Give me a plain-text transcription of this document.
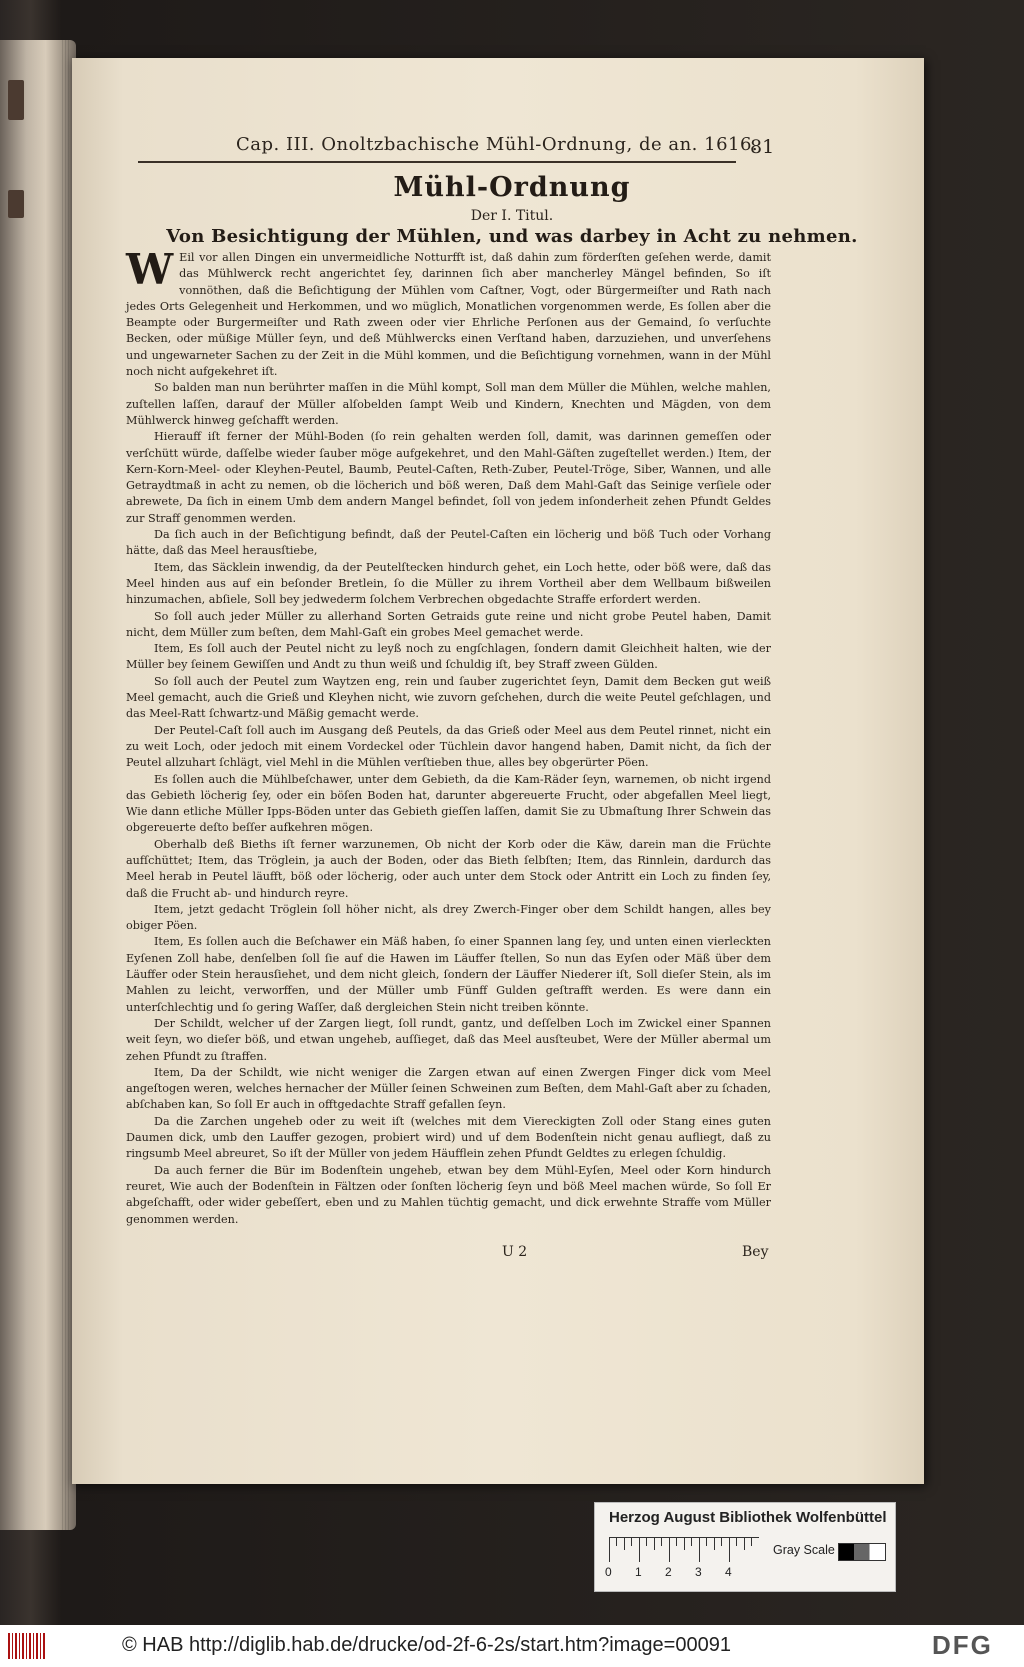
Cap. III. Onoltzbachische Mühl-Ordnung, de an. 1616.
81
Mühl-Ordnung
Der I. Titul.
Von Besichtigung der Mühlen, und was darbey in Acht zu nehmen.

W Eil vor allen Dingen ein unvermeidliche Notturfft ist, daß dahin zum förderſten geſehen werde, damit das Mühlwerck recht angerichtet ſey, darinnen ſich aber mancherley Mängel befinden, So iſt vonnöthen, daß die Beſichtigung der Mühlen vom Caſtner, Vogt, oder Bürgermeiſter und Rath nach jedes Orts Gelegenheit und Herkommen, und wo müglich, Monatlichen vorgenommen werde, Es ſollen aber die Beampte oder Burgermeiſter und Rath zween oder vier Ehrliche Perſonen aus der Gemaind, ſo verſuchte Becken, oder müßige Müller ſeyn, und deß Mühlwercks einen Verſtand haben, darzuziehen, und unverſehens und ungewarneter Sachen zu der Zeit in die Mühl kommen, und die Beſichtigung vornehmen, wann in der Mühl noch nicht aufgekehret iſt.

So balden man nun berührter maſſen in die Mühl kompt, Soll man dem Müller die Mühlen, welche mahlen, zuſtellen laſſen, darauf der Müller alſobelden ſampt Weib und Kindern, Knechten und Mägden, von dem Mühlwerck hinweg geſchafft werden.

Hierauff iſt ferner der Mühl-Boden (ſo rein gehalten werden ſoll, damit, was darinnen gemeſſen oder verſchütt würde, daſſelbe wieder ſauber möge aufgekehret, und den Mahl-Gäſten zugeſtellet werden.) Item, der Kern-Korn-Meel- oder Kleyhen-Peutel, Baumb, Peutel-Caſten, Reth-Zuber, Peutel-Tröge, Siber, Wannen, und alle Getraydtmaß in acht zu nemen, ob die löcherich und böß weren, Daß dem Mahl-Gaſt das Seinige verſiele oder abrewete, Da ſich in einem Umb dem andern Mangel befindet, ſoll von jedem inſonderheit zehen Pfundt Geldes zur Straff genommen werden.

Da ſich auch in der Beſichtigung befindt, daß der Peutel-Caſten ein löcherig und böß Tuch oder Vorhang hätte, daß das Meel herausſtiebe,

Item, das Säcklein inwendig, da der Peutelſtecken hindurch gehet, ein Loch hette, oder böß were, daß das Meel hinden aus auf ein beſonder Bretlein, ſo die Müller zu ihrem Vortheil aber dem Wellbaum bißweilen hinzumachen, abſiele, Soll bey jedwederm ſolchem Verbrechen obgedachte Straffe erfordert werden.

So ſoll auch jeder Müller zu allerhand Sorten Getraids gute reine und nicht grobe Peutel haben, Damit nicht, dem Müller zum beſten, dem Mahl-Gaſt ein grobes Meel gemachet werde.

Item, Es ſoll auch der Peutel nicht zu leyß noch zu engſchlagen, ſondern damit Gleichheit halten, wie der Müller bey ſeinem Gewiſſen und Andt zu thun weiß und ſchuldig iſt, bey Straff zween Gülden.

So ſoll auch der Peutel zum Waytzen eng, rein und ſauber zugerichtet ſeyn, Damit dem Becken gut weiß Meel gemacht, auch die Grieß und Kleyhen nicht, wie zuvorn geſchehen, durch die weite Peutel geſchlagen, und das Meel-Ratt ſchwartz-und Mäßig gemacht werde.

Der Peutel-Caſt ſoll auch im Ausgang deß Peutels, da das Grieß oder Meel aus dem Peutel rinnet, nicht ein zu weit Loch, oder jedoch mit einem Vordeckel oder Tüchlein davor hangend haben, Damit nicht, da ſich der Peutel allzuhart ſchlägt, viel Mehl in die Mühlen verſtieben thue, alles bey obgerürter Pöen.

Es ſollen auch die Mühlbeſchawer, unter dem Gebieth, da die Kam-Räder ſeyn, warnemen, ob nicht irgend das Gebieth löcherig ſey, oder ein böſen Boden hat, darunter abgereuerte Frucht, oder abgefallen Meel liegt, Wie dann etliche Müller Ipps-Böden unter das Gebieth gieſſen laſſen, damit Sie zu Ubmaſtung Ihrer Schwein das obgereuerte deſto beſſer aufkehren mögen.

Oberhalb deß Bieths iſt ferner warzunemen, Ob nicht der Korb oder die Käw, darein man die Früchte aufſchüttet; Item, das Tröglein, ja auch der Boden, oder das Bieth ſelbſten; Item, das Rinnlein, dardurch das Meel herab in Peutel läufft, böß oder löcherig, oder auch unter dem Stock oder Antritt ein Loch zu finden ſey, daß die Frucht ab- und hindurch reyre.

Item, jetzt gedacht Tröglein ſoll höher nicht, als drey Zwerch-Finger ober dem Schildt hangen, alles bey obiger Pöen.

Item, Es ſollen auch die Beſchawer ein Mäß haben, ſo einer Spannen lang ſey, und unten einen vierleckten Eyſenen Zoll habe, denſelben ſoll ſie auf die Hawen im Läuffer ſtellen, So nun das Eyſen oder Mäß über dem Läuffer oder Stein herausſiehet, und dem nicht gleich, ſondern der Läuffer Niederer iſt, Soll dieſer Stein, als im Mahlen zu leicht, verworffen, und der Müller umb Fünff Gulden geſtrafft werden. Es were dann ein unterſchlechtig und ſo gering Waſſer, daß dergleichen Stein nicht treiben könnte.

Der Schildt, welcher uf der Zargen liegt, ſoll rundt, gantz, und deſſelben Loch im Zwickel einer Spannen weit ſeyn, wo dieſer böß, und etwan ungeheb, auſſieget, daß das Meel ausſteubet, Were der Müller abermal um zehen Pfundt zu ſtraffen.

Item, Da der Schildt, wie nicht weniger die Zargen etwan auf einen Zwergen Finger dick vom Meel angeſtogen weren, welches hernacher der Müller ſeinen Schweinen zum Beſten, dem Mahl-Gaſt aber zu ſchaden, abſchaben kan, So ſoll Er auch in offtgedachte Straff gefallen ſeyn.

Da die Zarchen ungeheb oder zu weit iſt (welches mit dem Viereckigten Zoll oder Stang eines guten Daumen dick, umb den Lauffer gezogen, probiert wird) und uf dem Bodenſtein nicht genau aufliegt, daß zu ringsumb Meel abreuret, So iſt der Müller von jedem Häufflein zehen Pfundt Geldtes zu erlegen ſchuldig.

Da auch ferner die Bür im Bodenſtein ungeheb, etwan bey dem Mühl-Eyſen, Meel oder Korn hindurch reuret, Wie auch der Bodenſtein in Fältzen oder ſonſten löcherig ſeyn und böß Meel machen würde, So ſoll Er abgeſchafft, oder wider gebeſſert, eben und zu Mahlen tüchtig gemacht, und dick erwehnte Straffe vom Müller genommen werden.

U 2	Bey
Herzog August Bibliothek Wolfenbüttel
0 1 2 3 4
Gray Scale
© HAB http://diglib.hab.de/drucke/od-2f-6-2s/start.htm?image=00091	DFG
